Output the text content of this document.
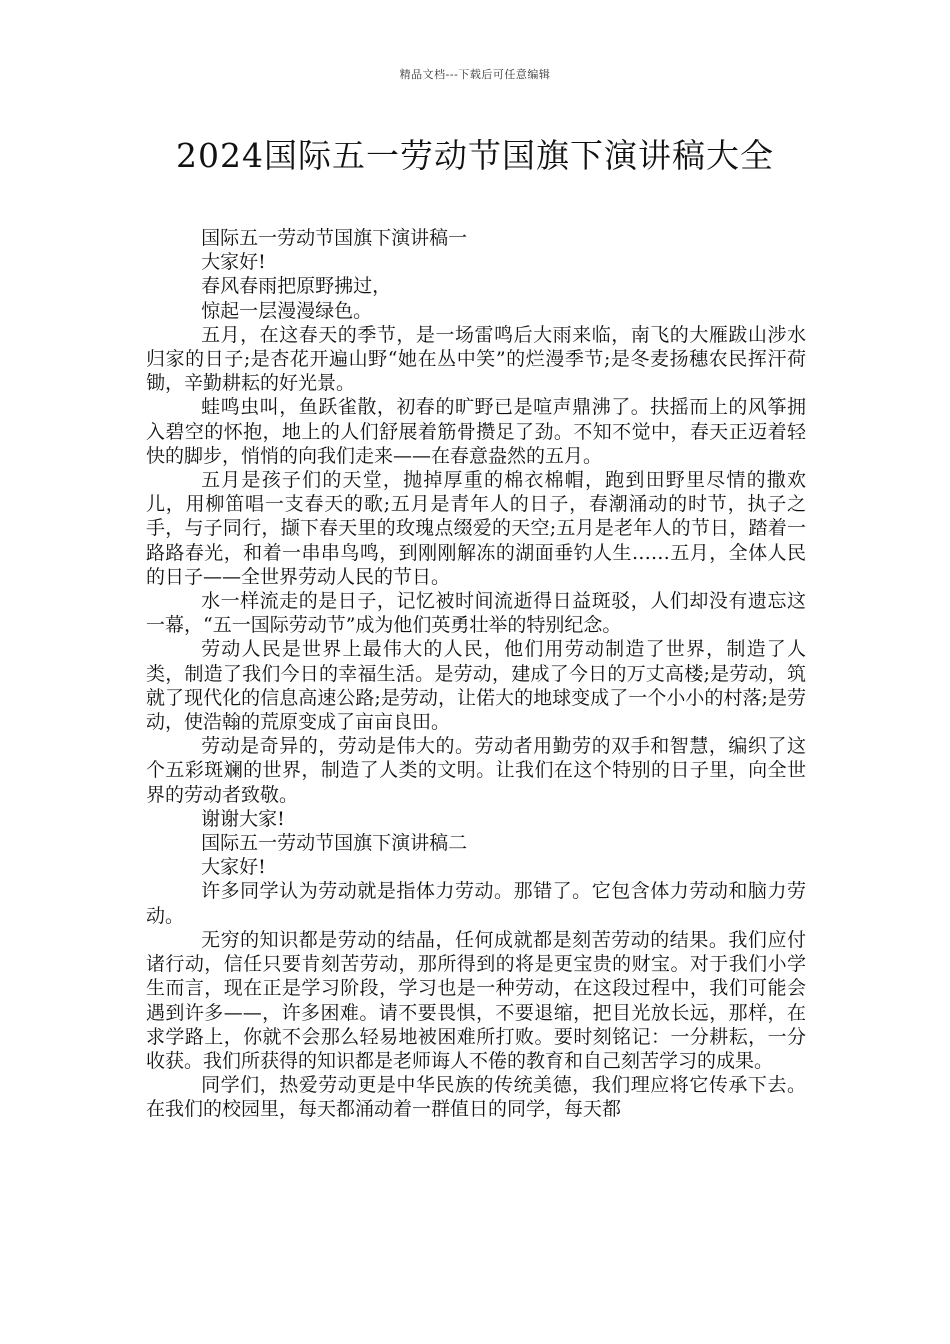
精品文档---下载后可任意编辑
2024国际五一劳动节国旗下演讲稿大全

国际五一劳动节国旗下演讲稿一

大家好!

春风春雨把原野拂过，

惊起一层漫漫绿色。

五月，在这春天的季节，是一场雷鸣后大雨来临，南飞的大雁跋山涉水归家的日子;是杏花开遍山野“她在丛中笑”的烂漫季节;是冬麦扬穗农民挥汗荷锄，辛勤耕耘的好光景。

蛙鸣虫叫，鱼跃雀散，初春的旷野已是喧声鼎沸了。扶摇而上的风筝拥入碧空的怀抱，地上的人们舒展着筋骨攒足了劲。不知不觉中，春天正迈着轻快的脚步，悄悄的向我们走来——在春意盎然的五月。

五月是孩子们的天堂，抛掉厚重的棉衣棉帽，跑到田野里尽情的撒欢儿，用柳笛唱一支春天的歌;五月是青年人的日子，春潮涌动的时节，执子之手，与子同行，撷下春天里的玫瑰点缀爱的天空;五月是老年人的节日，踏着一路路春光，和着一串串鸟鸣，到刚刚解冻的湖面垂钓人生……五月，全体人民的日子——全世界劳动人民的节日。

水一样流走的是日子，记忆被时间流逝得日益斑驳，人们却没有遗忘这一幕，“五一国际劳动节”成为他们英勇壮举的特别纪念。

劳动人民是世界上最伟大的人民，他们用劳动制造了世界，制造了人类，制造了我们今日的幸福生活。是劳动，建成了今日的万丈高楼;是劳动，筑就了现代化的信息高速公路;是劳动，让偌大的地球变成了一个小小的村落;是劳动，使浩翰的荒原变成了亩亩良田。

劳动是奇异的，劳动是伟大的。劳动者用勤劳的双手和智慧，编织了这个五彩斑斓的世界，制造了人类的文明。让我们在这个特别的日子里，向全世界的劳动者致敬。

谢谢大家!

国际五一劳动节国旗下演讲稿二

大家好!

许多同学认为劳动就是指体力劳动。那错了。它包含体力劳动和脑力劳动。

无穷的知识都是劳动的结晶，任何成就都是刻苦劳动的结果。我们应付诸行动，信任只要肯刻苦劳动，那所得到的将是更宝贵的财宝。对于我们小学生而言，现在正是学习阶段，学习也是一种劳动，在这段过程中，我们可能会遇到许多——，许多困难。请不要畏惧，不要退缩，把目光放长远，那样，在求学路上，你就不会那么轻易地被困难所打败。要时刻铭记：一分耕耘，一分收获。我们所获得的知识都是老师诲人不倦的教育和自己刻苦学习的成果。

同学们，热爱劳动更是中华民族的传统美德，我们理应将它传承下去。在我们的校园里，每天都涌动着一群值日的同学，每天都
